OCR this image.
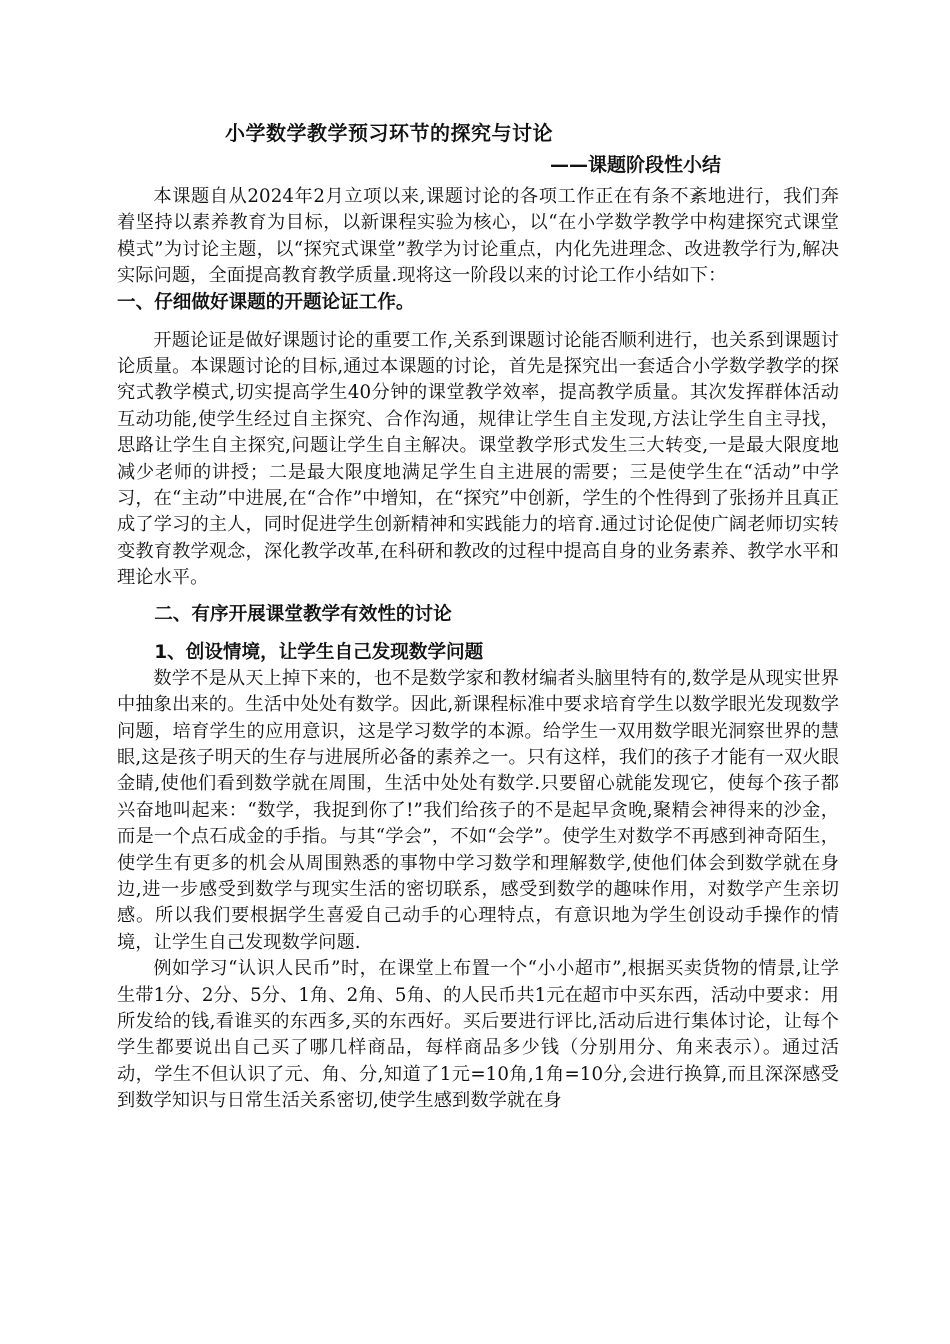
小学数学教学预习环节的探究与讨论
——课题阶段性小结

本课题自从2024年2月立项以来,课题讨论的各项工作正在有条不紊地进行，我们奔着坚持以素养教育为目标，以新课程实验为核心，以“在小学数学教学中构建探究式课堂模式”为讨论主题，以“探究式课堂”教学为讨论重点，内化先进理念、改进教学行为,解决实际问题，全面提高教育教学质量.现将这一阶段以来的讨论工作小结如下：

一、仔细做好课题的开题论证工作。

开题论证是做好课题讨论的重要工作,关系到课题讨论能否顺利进行，也关系到课题讨论质量。本课题讨论的目标,通过本课题的讨论，首先是探究出一套适合小学数学教学的探究式教学模式,切实提高学生40分钟的课堂教学效率，提高教学质量。其次发挥群体活动互动功能,使学生经过自主探究、合作沟通，规律让学生自主发现,方法让学生自主寻找，思路让学生自主探究,问题让学生自主解决。课堂教学形式发生三大转变,一是最大限度地减少老师的讲授；二是最大限度地满足学生自主进展的需要；三是使学生在“活动”中学习，在“主动”中进展,在“合作”中增知，在“探究”中创新，学生的个性得到了张扬并且真正成了学习的主人，同时促进学生创新精神和实践能力的培育.通过讨论促使广阔老师切实转变教育教学观念，深化教学改革,在科研和教改的过程中提高自身的业务素养、教学水平和理论水平。

二、有序开展课堂教学有效性的讨论
1、创设情境，让学生自己发现数学问题

数学不是从天上掉下来的，也不是数学家和教材编者头脑里特有的,数学是从现实世界中抽象出来的。生活中处处有数学。因此,新课程标准中要求培育学生以数学眼光发现数学问题，培育学生的应用意识，这是学习数学的本源。给学生一双用数学眼光洞察世界的慧眼,这是孩子明天的生存与进展所必备的素养之一。只有这样，我们的孩子才能有一双火眼金睛,使他们看到数学就在周围，生活中处处有数学.只要留心就能发现它，使每个孩子都兴奋地叫起来：“数学，我捉到你了!”我们给孩子的不是起早贪晚,聚精会神得来的沙金，而是一个点石成金的手指。与其“学会”，不如“会学”。使学生对数学不再感到神奇陌生，使学生有更多的机会从周围熟悉的事物中学习数学和理解数学,使他们体会到数学就在身边,进一步感受到数学与现实生活的密切联系，感受到数学的趣味作用，对数学产生亲切感。所以我们要根据学生喜爱自己动手的心理特点，有意识地为学生创设动手操作的情境，让学生自己发现数学问题.

例如学习“认识人民币”时，在课堂上布置一个“小小超市”,根据买卖货物的情景,让学生带1分、2分、5分、1角、2角、5角、的人民币共1元在超市中买东西，活动中要求：用所发给的钱,看谁买的东西多,买的东西好。买后要进行评比,活动后进行集体讨论，让每个学生都要说出自己买了哪几样商品，每样商品多少钱（分别用分、角来表示）。通过活动，学生不但认识了元、角、分,知道了1元=10角,1角=10分,会进行换算,而且深深感受到数学知识与日常生活关系密切,使学生感到数学就在身
